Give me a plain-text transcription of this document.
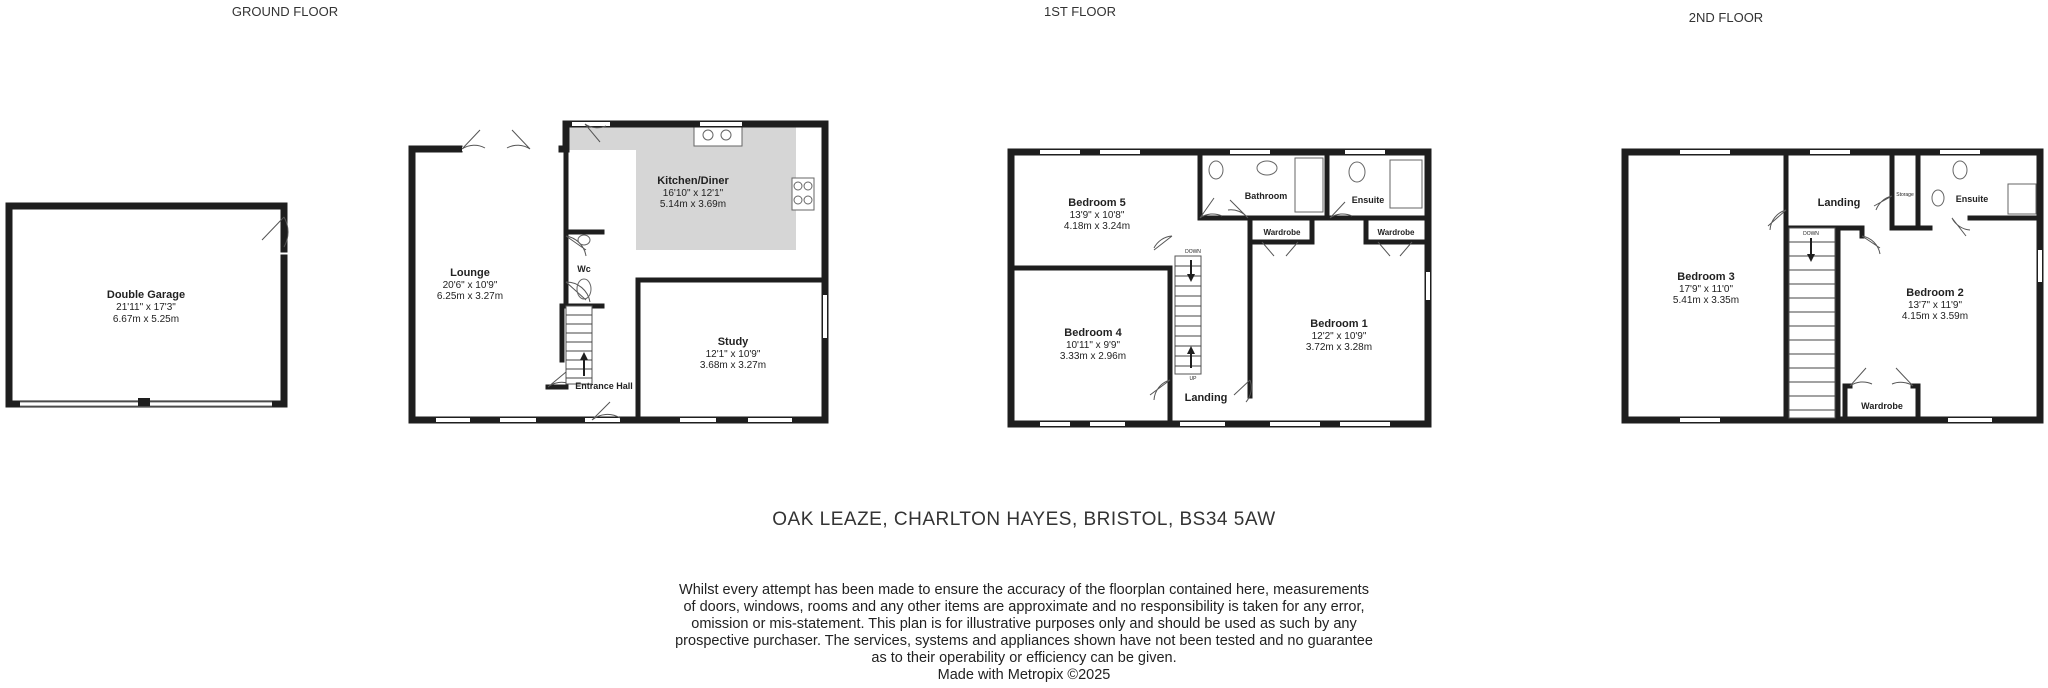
GROUND FLOOR	1ST FLOOR	2ND FLOOR
Double Garage
21'11" x 17'3"
6.67m x 5.25m
Lounge
20'6" x 10'9"
6.25m x 3.27m
Kitchen/Diner
16'10" x 12'1"
5.14m x 3.69m
Wc
Entrance Hall
Study
12'1" x 10'9"
3.68m x 3.27m
DOWN
UP
Bedroom 5
13'9" x 10'8"
4.18m x 3.24m
Bathroom	Ensuite
Wardrobe	Wardrobe
Bedroom 4
10'11" x 9'9"
3.33m x 2.96m
Bedroom 1
12'2" x 10'9"
3.72m x 3.28m
Landing
DOWN
Bedroom 3
17'9" x 11'0"
5.41m x 3.35m
Landing
Storage	Ensuite
Bedroom 2
13'7" x 11'9"
4.15m x 3.59m
Wardrobe
OAK LEAZE, CHARLTON HAYES, BRISTOL, BS34 5AW
Whilst every attempt has been made to ensure the accuracy of the floorplan contained here, measurements
of doors, windows, rooms and any other items are approximate and no responsibility is taken for any error,
omission or mis-statement. This plan is for illustrative purposes only and should be used as such by any
prospective purchaser. The services, systems and appliances shown have not been tested and no guarantee
as to their operability or efficiency can be given.
Made with Metropix ©2025
